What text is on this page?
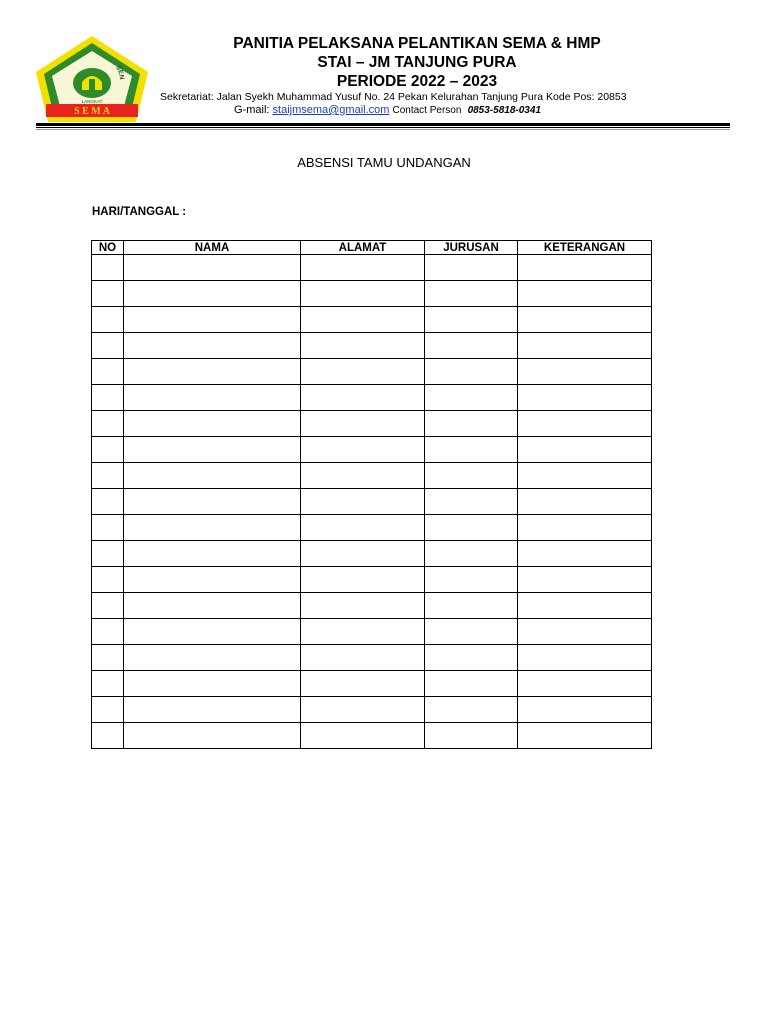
SEN
LANGKAT
S E M A
PANITIA PELAKSANA PELANTIKAN SEMA & HMP
STAI – JM TANJUNG PURA
PERIODE 2022 – 2023
Sekretariat: Jalan Syekh Muhammad Yusuf No. 24 Pekan Kelurahan Tanjung Pura Kode Pos: 20853
G-mail: staijmsema@gmail.com Contact Person 0853-5818-0341
ABSENSI TAMU UNDANGAN
HARI/TANGGAL :
NO	NAMA	ALAMAT	JURUSAN	KETERANGAN
